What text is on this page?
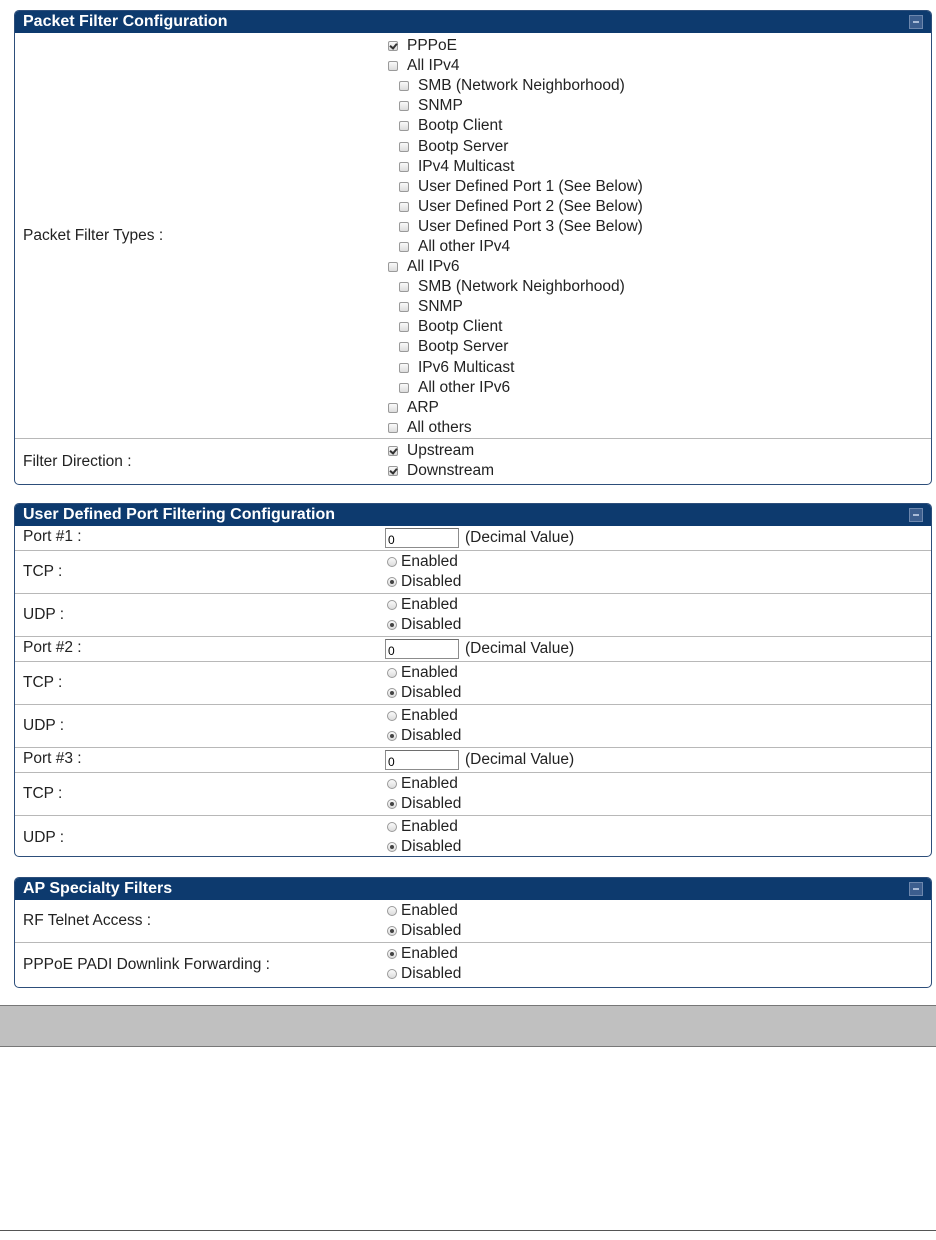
Packet Filter Configuration
Packet Filter Types :
PPPoE
All IPv4
SMB (Network Neighborhood)
SNMP
Bootp Client
Bootp Server
IPv4 Multicast
User Defined Port 1 (See Below)
User Defined Port 2 (See Below)
User Defined Port 3 (See Below)
All other IPv4
All IPv6
SMB (Network Neighborhood)
SNMP
Bootp Client
Bootp Server
IPv6 Multicast
All other IPv6
ARP
All others
Filter Direction :
Upstream
Downstream
User Defined Port Filtering Configuration
Port #1 :
0	(Decimal Value)
TCP :
Enabled
Disabled
UDP :
Enabled
Disabled
Port #2 :
0	(Decimal Value)
TCP :
Enabled
Disabled
UDP :
Enabled
Disabled
Port #3 :
0	(Decimal Value)
TCP :
Enabled
Disabled
UDP :
Enabled
Disabled
AP Specialty Filters
RF Telnet Access :
Enabled
Disabled
PPPoE PADI Downlink Forwarding :
Enabled
Disabled
